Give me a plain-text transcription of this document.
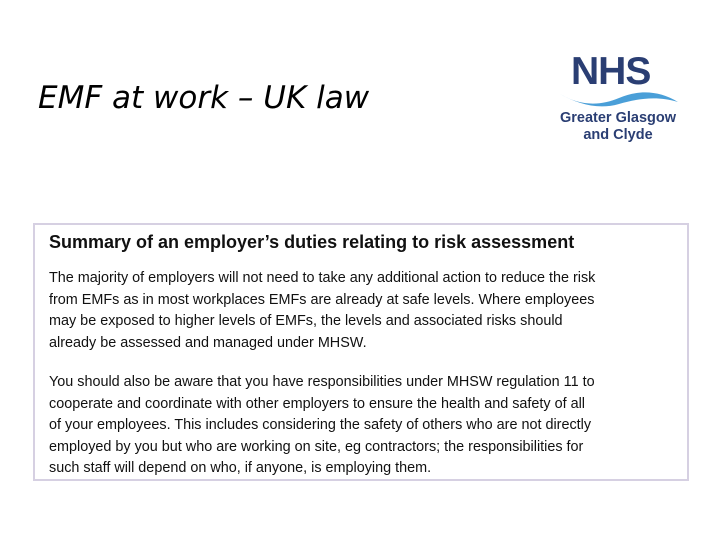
EMF at work – UK law
NHS
Greater Glasgow
and Clyde
Summary of an employer’s duties relating to risk assessment

The majority of employers will not need to take any additional action to reduce the risk
from EMFs as in most workplaces EMFs are already at safe levels. Where employees
may be exposed to higher levels of EMFs, the levels and associated risks should
already be assessed and managed under MHSW.

You should also be aware that you have responsibilities under MHSW regulation 11 to
cooperate and coordinate with other employers to ensure the health and safety of all
of your employees. This includes considering the safety of others who are not directly
employed by you but who are working on site, eg contractors; the responsibilities for
such staff will depend on who, if anyone, is employing them.
